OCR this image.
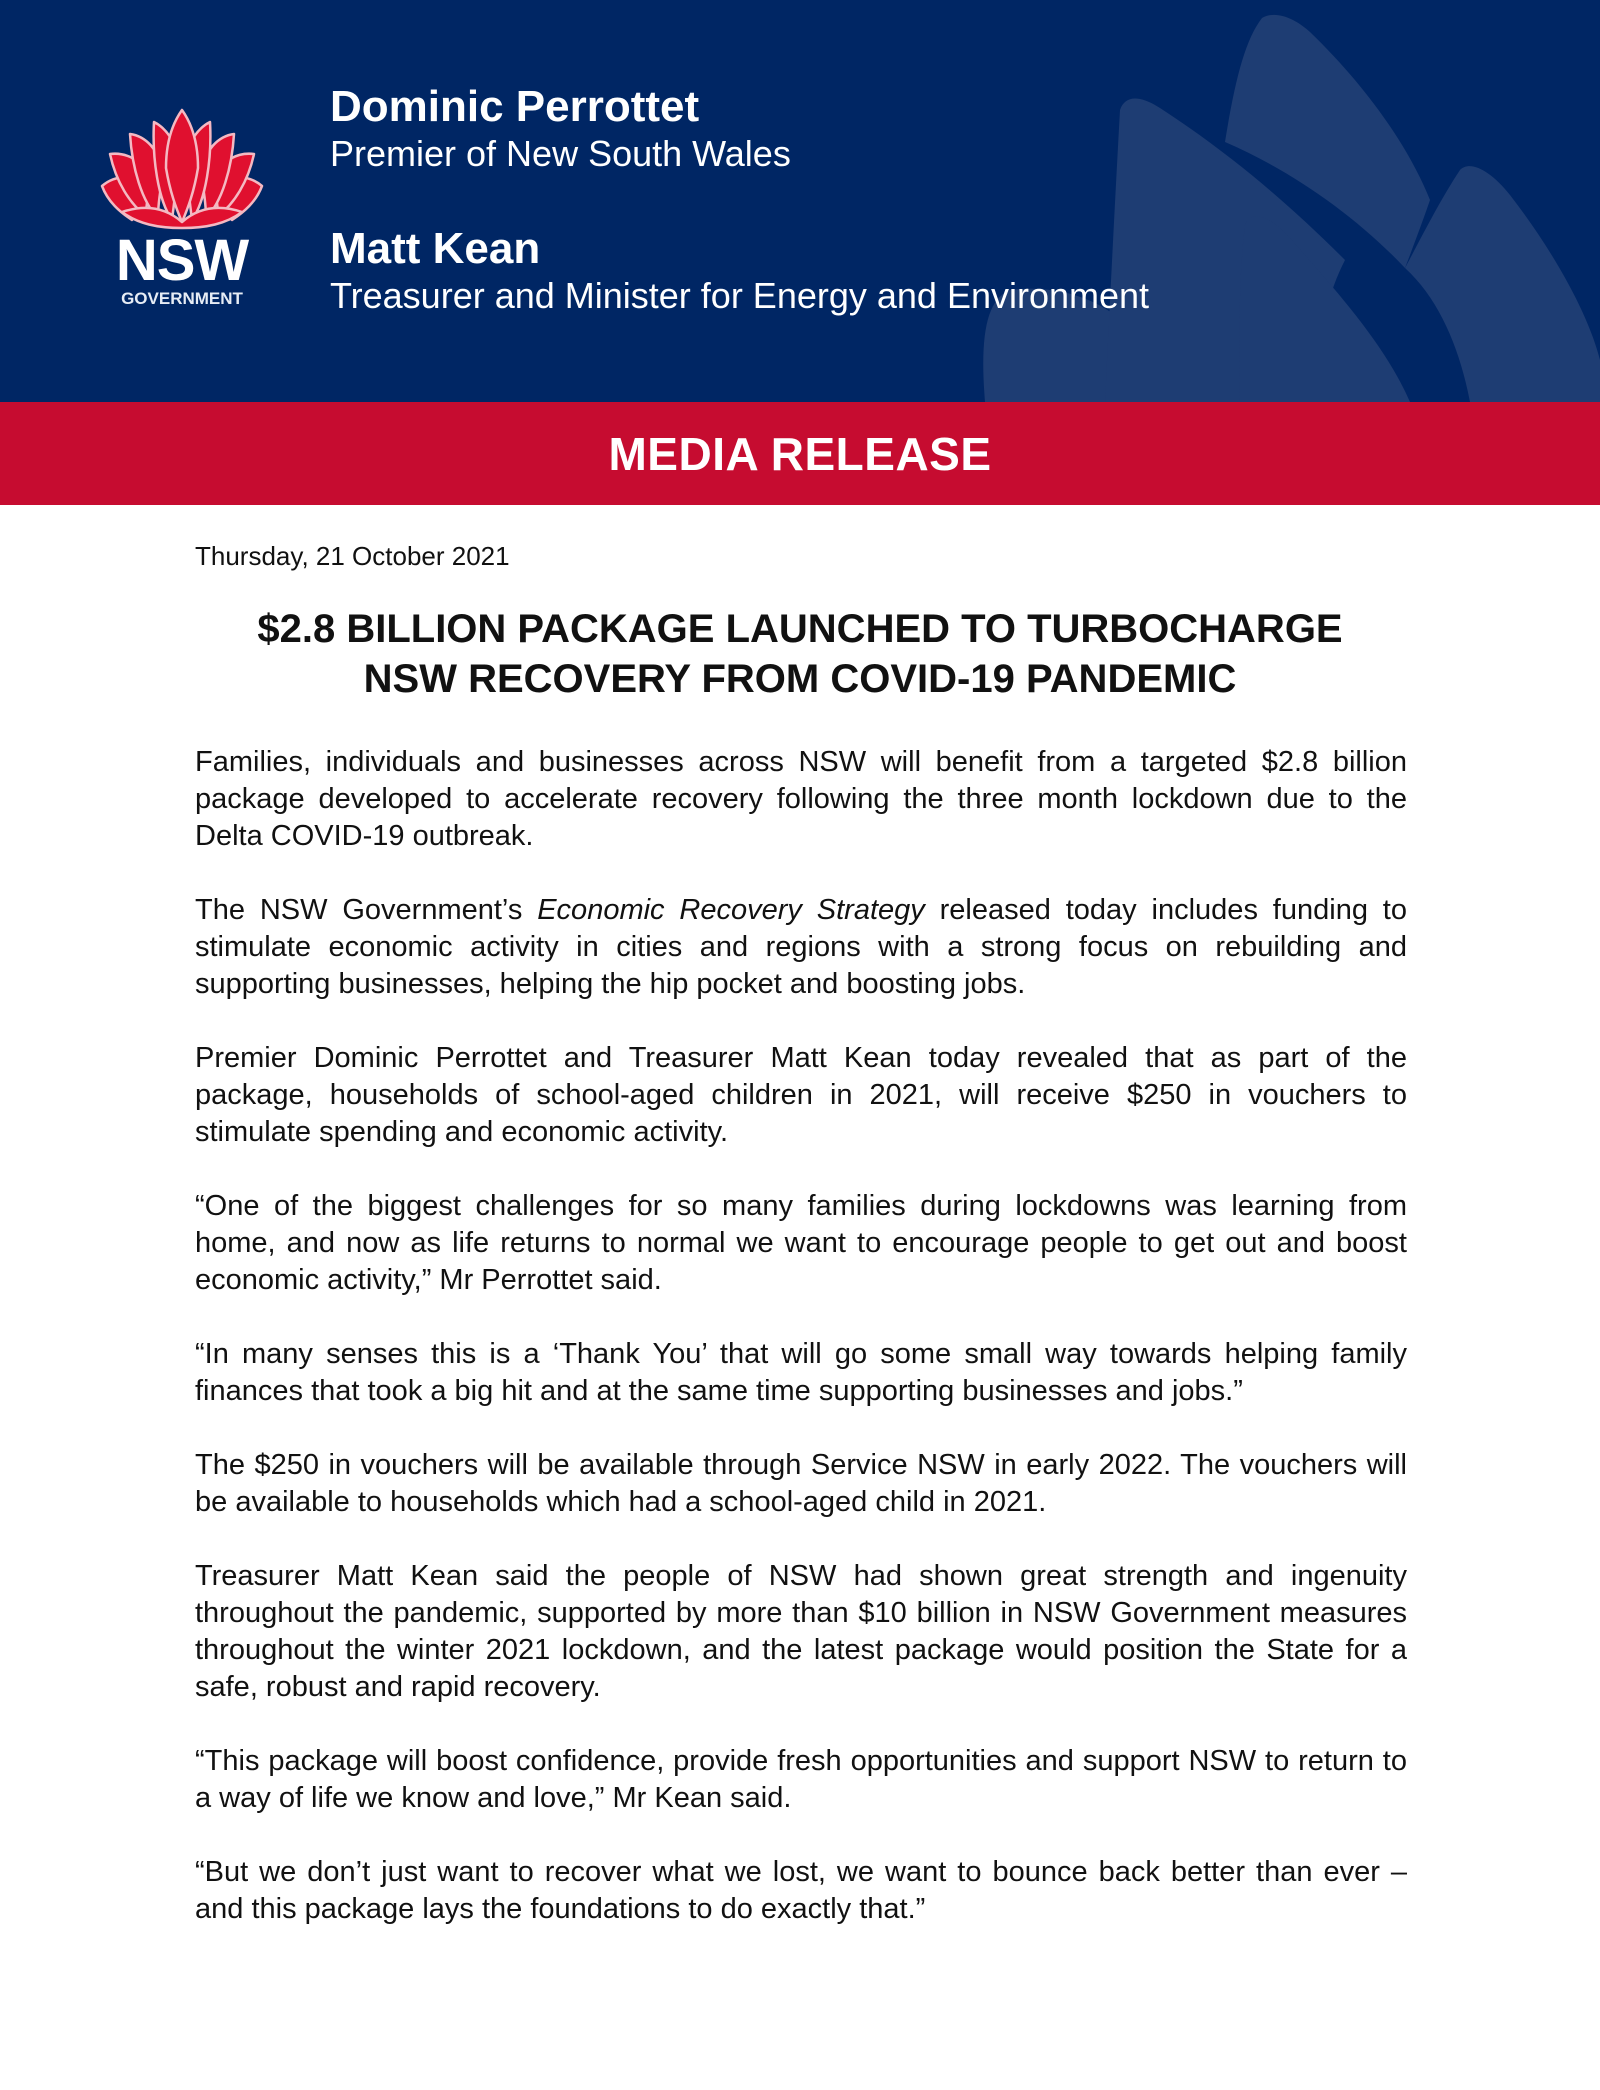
NSW
GOVERNMENT
Dominic Perrottet
Premier of New South Wales
Matt Kean
Treasurer and Minister for Energy and Environment
MEDIA RELEASE
Thursday, 21 October 2021
$2.8 BILLION PACKAGE LAUNCHED TO TURBOCHARGE
NSW RECOVERY FROM COVID-19 PANDEMIC

Families, individuals and businesses across NSW will benefit from a targeted $2.8 billion package developed to accelerate recovery following the three month lockdown due to the Delta COVID-19 outbreak.

The NSW Government’s Economic Recovery Strategy released today includes funding to stimulate economic activity in cities and regions with a strong focus on rebuilding and supporting businesses, helping the hip pocket and boosting jobs.

Premier Dominic Perrottet and Treasurer Matt Kean today revealed that as part of the package, households of school-aged children in 2021, will receive $250 in vouchers to stimulate spending and economic activity.

“One of the biggest challenges for so many families during lockdowns was learning from home, and now as life returns to normal we want to encourage people to get out and boost economic activity,” Mr Perrottet said.

“In many senses this is a ‘Thank You’ that will go some small way towards helping family finances that took a big hit and at the same time supporting businesses and jobs.”

The $250 in vouchers will be available through Service NSW in early 2022. The vouchers will be available to households which had a school-aged child in 2021.

Treasurer Matt Kean said the people of NSW had shown great strength and ingenuity throughout the pandemic, supported by more than $10 billion in NSW Government measures throughout the winter 2021 lockdown, and the latest package would position the State for a safe, robust and rapid recovery.

“This package will boost confidence, provide fresh opportunities and support NSW to return to a way of life we know and love,” Mr Kean said.

“But we don’t just want to recover what we lost, we want to bounce back better than ever – and this package lays the foundations to do exactly that.”
